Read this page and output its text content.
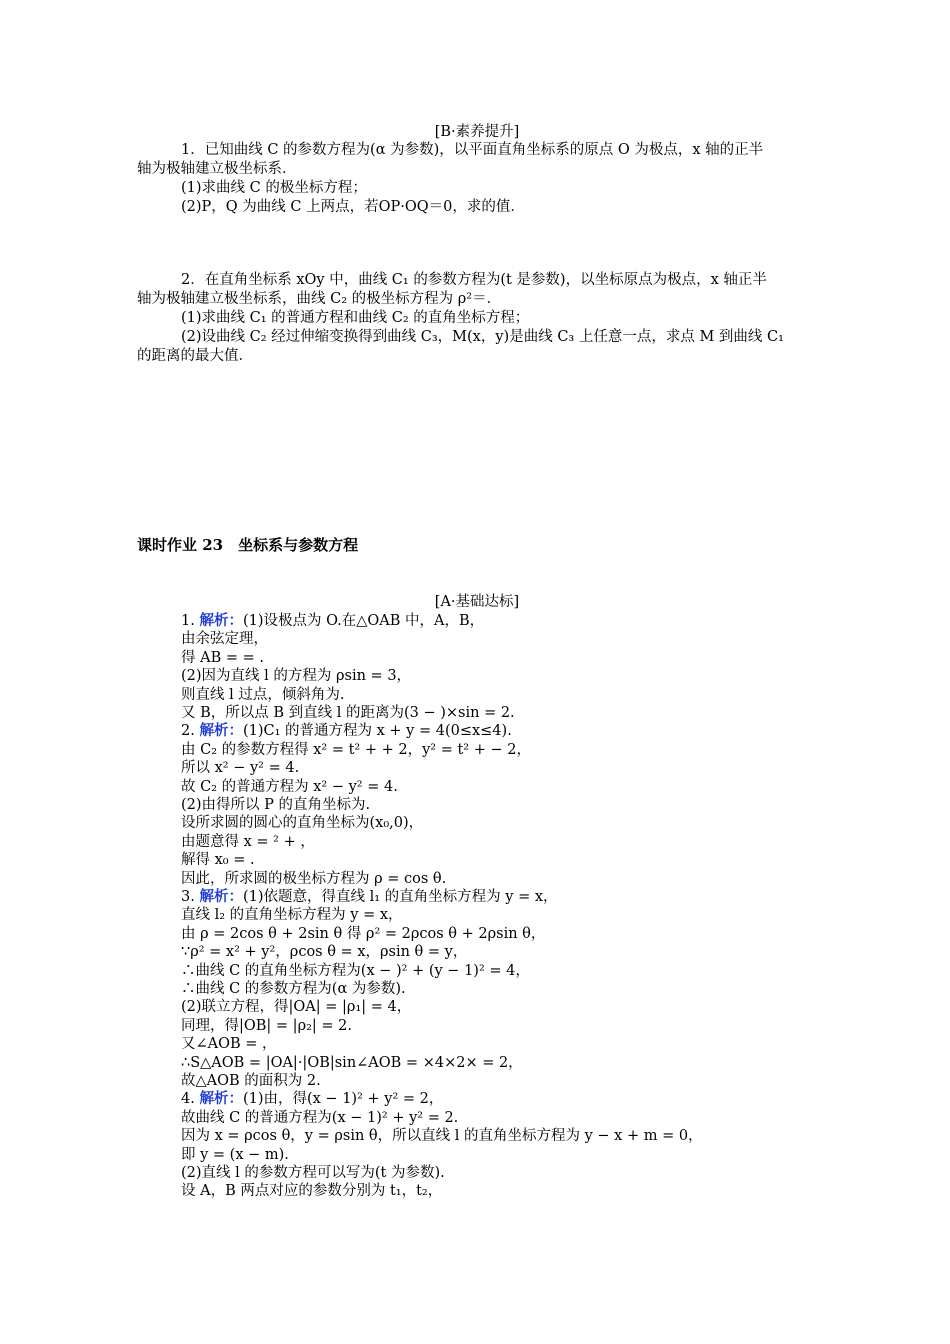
[B·素养提升]
1．已知曲线 C 的参数方程为(α 为参数)，以平面直角坐标系的原点 O 为极点，x 轴的正半
轴为极轴建立极坐标系．
(1)求曲线 C 的极坐标方程；
(2)P，Q 为曲线 C 上两点，若OP·OQ＝0，求的值．
2．在直角坐标系 xOy 中，曲线 C₁ 的参数方程为(t 是参数)，以坐标原点为极点，x 轴正半
轴为极轴建立极坐标系，曲线 C₂ 的极坐标方程为 ρ²＝．
(1)求曲线 C₁ 的普通方程和曲线 C₂ 的直角坐标方程；
(2)设曲线 C₂ 经过伸缩变换得到曲线 C₃，M(x，y)是曲线 C₃ 上任意一点，求点 M 到曲线 C₁
的距离的最大值．
课时作业 23　坐标系与参数方程
[A·基础达标]
1. 解析：(1)设极点为 O.在△OAB 中，A，B，
由余弦定理，
得 AB = = .
(2)因为直线 l 的方程为 ρsin = 3，
则直线 l 过点，倾斜角为.
又 B，所以点 B 到直线 l 的距离为(3 − )×sin = 2.
2. 解析：(1)C₁ 的普通方程为 x + y = 4(0≤x≤4).
由 C₂ 的参数方程得 x² = t² + + 2，y² = t² + − 2，
所以 x² − y² = 4.
故 C₂ 的普通方程为 x² − y² = 4.
(2)由得所以 P 的直角坐标为.
设所求圆的圆心的直角坐标为(x₀,0)，
由题意得 x = ² + ，
解得 x₀ = .
因此，所求圆的极坐标方程为 ρ = cos θ.
3. 解析：(1)依题意，得直线 l₁ 的直角坐标方程为 y = x，
直线 l₂ 的直角坐标方程为 y = x，
由 ρ = 2cos θ + 2sin θ 得 ρ² = 2ρcos θ + 2ρsin θ，
∵ρ² = x² + y²，ρcos θ = x，ρsin θ = y，
∴曲线 C 的直角坐标方程为(x − )² + (y − 1)² = 4，
∴曲线 C 的参数方程为(α 为参数).
(2)联立方程，得|OA| = |ρ₁| = 4，
同理，得|OB| = |ρ₂| = 2.
又∠AOB = ，
∴S△AOB = |OA|·|OB|sin∠AOB = ×4×2× = 2，
故△AOB 的面积为 2.
4. 解析：(1)由，得(x − 1)² + y² = 2，
故曲线 C 的普通方程为(x − 1)² + y² = 2.
因为 x = ρcos θ，y = ρsin θ，所以直线 l 的直角坐标方程为 y − x + m = 0，
即 y = (x − m).
(2)直线 l 的参数方程可以写为(t 为参数).
设 A，B 两点对应的参数分别为 t₁，t₂，
